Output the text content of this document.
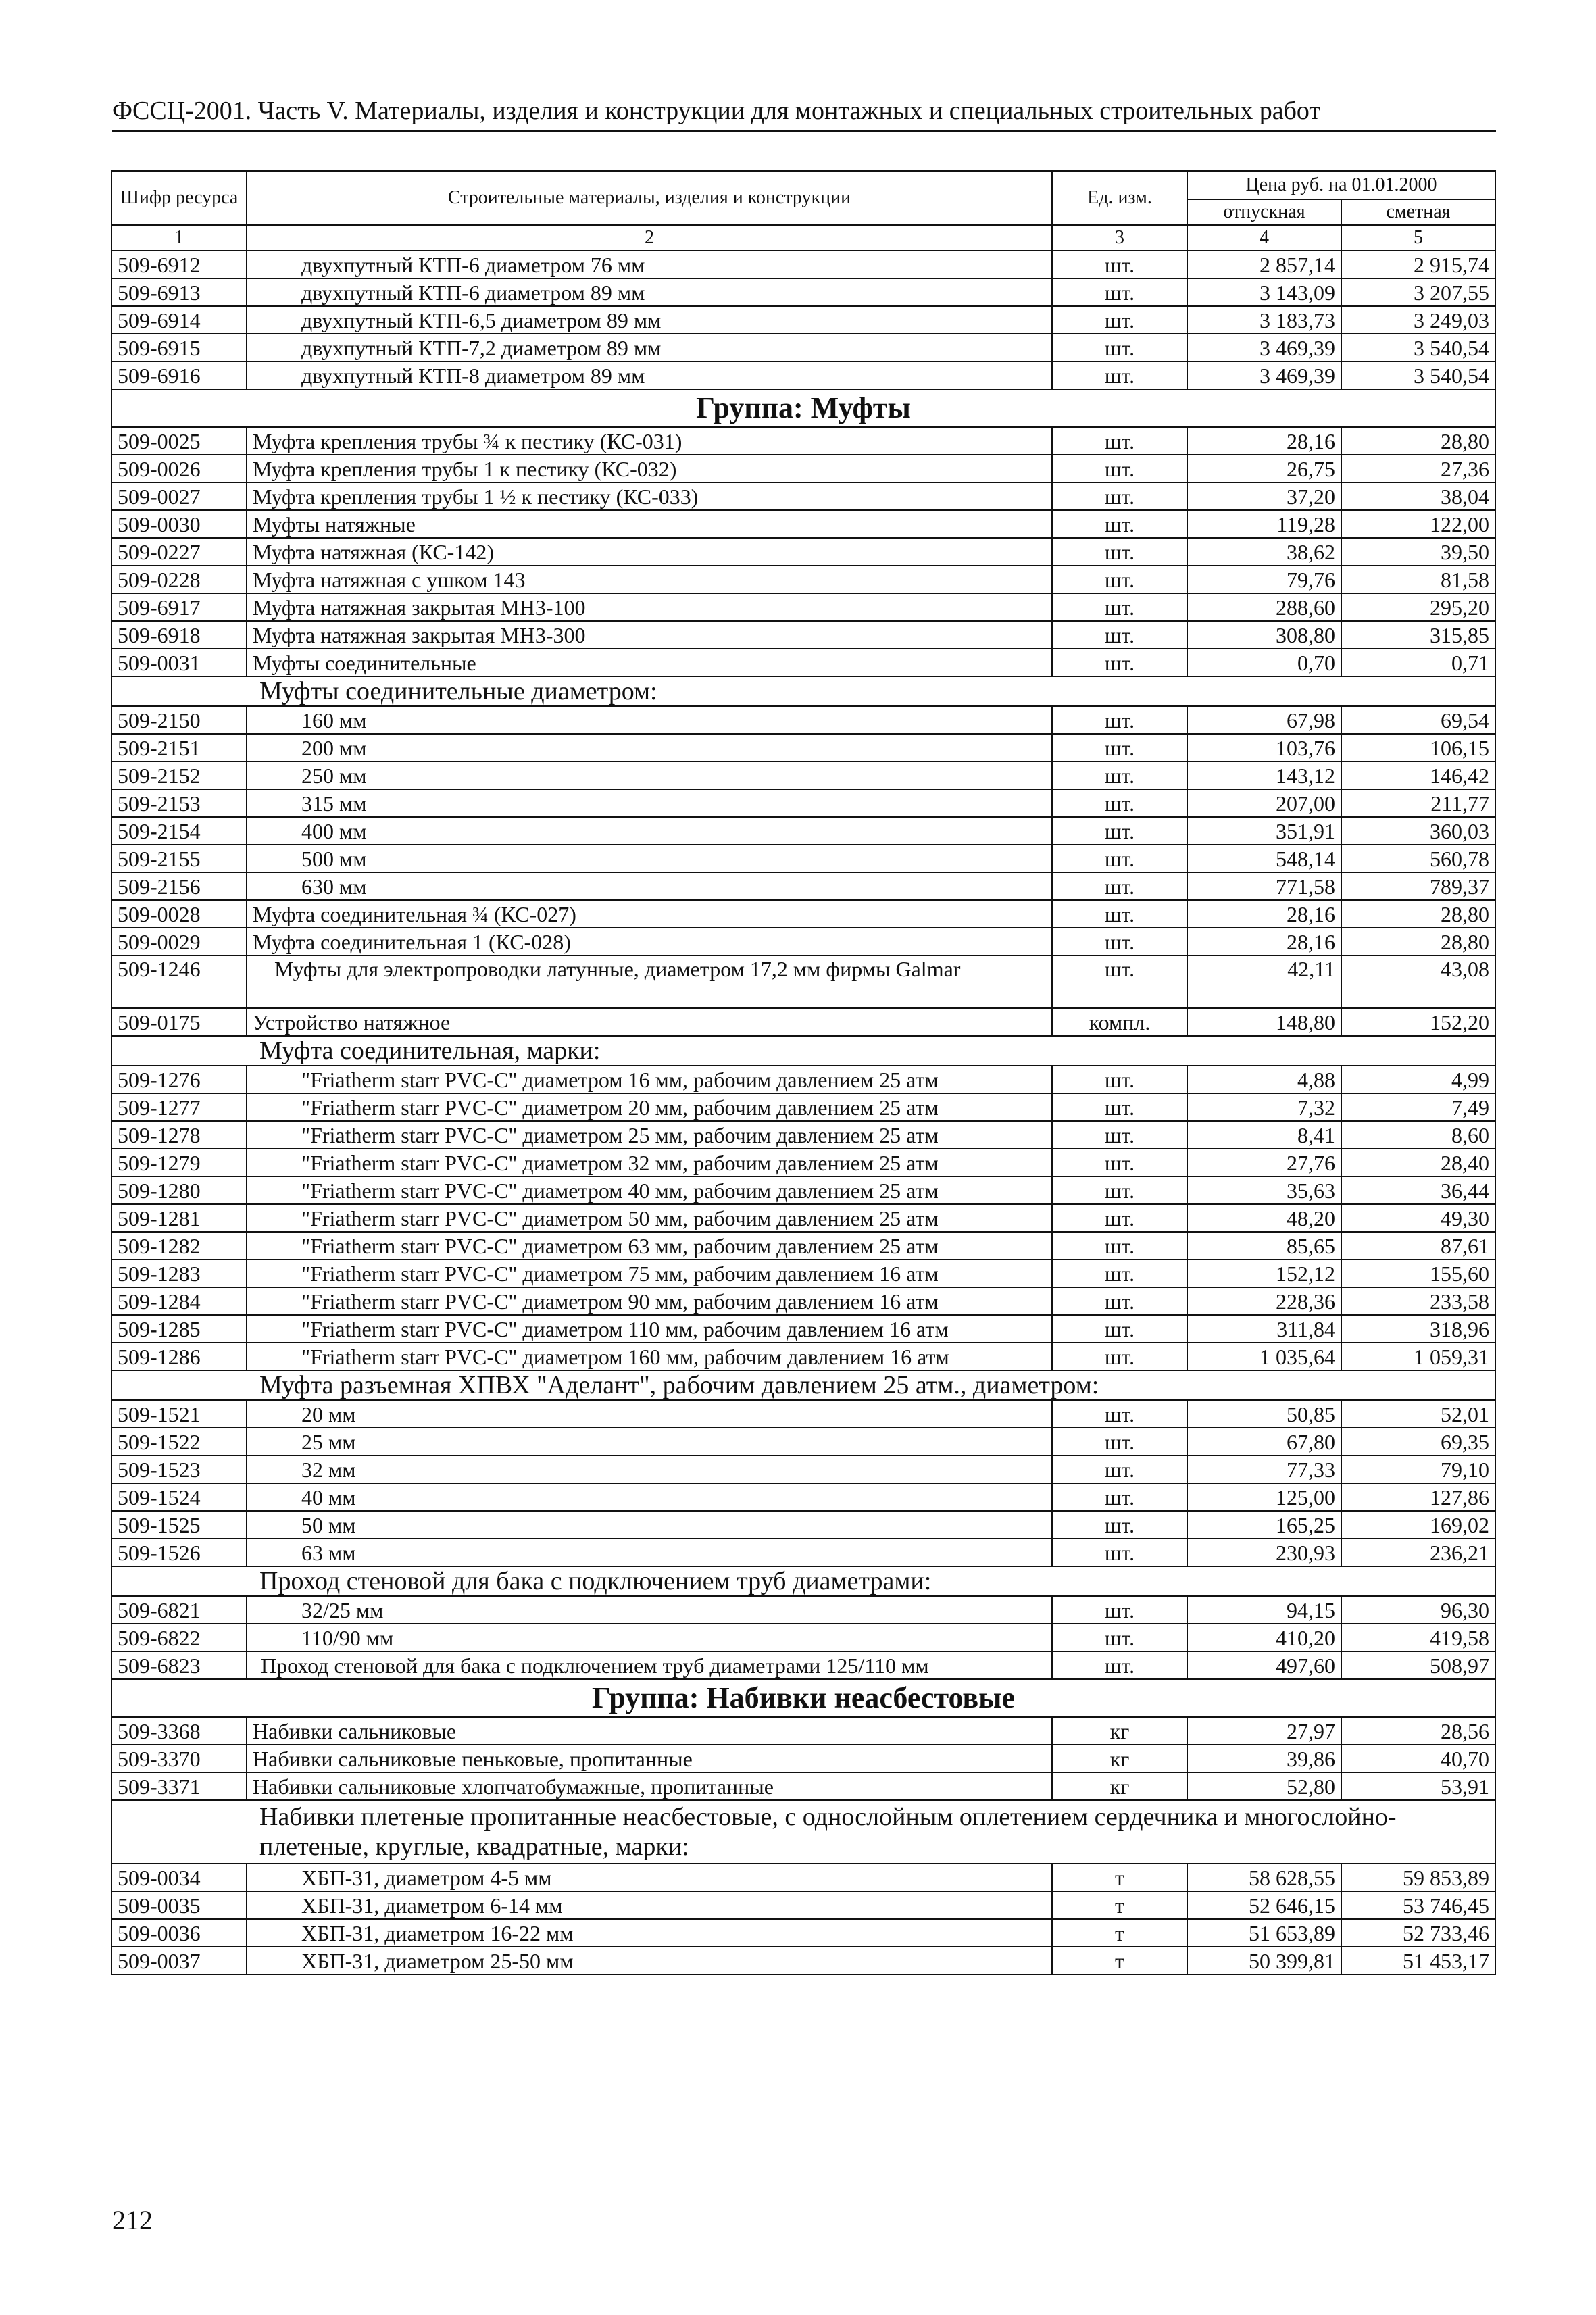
ФССЦ-2001. Часть V. Материалы, изделия и конструкции для монтажных и специальных строительных работ
Шифр ресурса	Строительные материалы, изделия и конструкции	Ед. изм.	Цена руб. на 01.01.2000	
			отпускная	сметная
1	2	3	4	5
509-6912	двухпутный КТП-6 диаметром 76 мм	шт.	2 857,14	2 915,74
509-6913	двухпутный КТП-6 диаметром 89 мм	шт.	3 143,09	3 207,55
509-6914	двухпутный КТП-6,5 диаметром 89 мм	шт.	3 183,73	3 249,03
509-6915	двухпутный КТП-7,2 диаметром 89 мм	шт.	3 469,39	3 540,54
509-6916	двухпутный КТП-8 диаметром 89 мм	шт.	3 469,39	3 540,54
Группа: Муфты				
509-0025	Муфта крепления трубы ¾ к пестику (КС-031)	шт.	28,16	28,80
509-0026	Муфта крепления трубы 1 к пестику (КС-032)	шт.	26,75	27,36
509-0027	Муфта крепления трубы 1 ½ к пестику (КС-033)	шт.	37,20	38,04
509-0030	Муфты натяжные	шт.	119,28	122,00
509-0227	Муфта натяжная (КС-142)	шт.	38,62	39,50
509-0228	Муфта натяжная с ушком 143	шт.	79,76	81,58
509-6917	Муфта натяжная закрытая МНЗ-100	шт.	288,60	295,20
509-6918	Муфта натяжная закрытая МНЗ-300	шт.	308,80	315,85
509-0031	Муфты соединительные	шт.	0,70	0,71
Муфты соединительные диаметром:				
509-2150	160 мм	шт.	67,98	69,54
509-2151	200 мм	шт.	103,76	106,15
509-2152	250 мм	шт.	143,12	146,42
509-2153	315 мм	шт.	207,00	211,77
509-2154	400 мм	шт.	351,91	360,03
509-2155	500 мм	шт.	548,14	560,78
509-2156	630 мм	шт.	771,58	789,37
509-0028	Муфта соединительная ¾ (КС-027)	шт.	28,16	28,80
509-0029	Муфта соединительная 1 (КС-028)	шт.	28,16	28,80
509-1246	Муфты для электропроводки латунные, диаметром 17,2 мм фирмы Galmar	шт.	42,11	43,08
509-0175	Устройство натяжное	компл.	148,80	152,20
Муфта соединительная, марки:				
509-1276	"Friatherm starr PVC-C" диаметром 16 мм, рабочим давлением 25 атм	шт.	4,88	4,99
509-1277	"Friatherm starr PVC-C" диаметром 20 мм, рабочим давлением 25 атм	шт.	7,32	7,49
509-1278	"Friatherm starr PVC-C" диаметром 25 мм, рабочим давлением 25 атм	шт.	8,41	8,60
509-1279	"Friatherm starr PVC-C" диаметром 32 мм, рабочим давлением 25 атм	шт.	27,76	28,40
509-1280	"Friatherm starr PVC-C" диаметром 40 мм, рабочим давлением 25 атм	шт.	35,63	36,44
509-1281	"Friatherm starr PVC-C" диаметром 50 мм, рабочим давлением 25 атм	шт.	48,20	49,30
509-1282	"Friatherm starr PVC-C" диаметром 63 мм, рабочим давлением 25 атм	шт.	85,65	87,61
509-1283	"Friatherm starr PVC-C" диаметром 75 мм, рабочим давлением 16 атм	шт.	152,12	155,60
509-1284	"Friatherm starr PVC-C" диаметром 90 мм, рабочим давлением 16 атм	шт.	228,36	233,58
509-1285	"Friatherm starr PVC-C" диаметром 110 мм, рабочим давлением 16 атм	шт.	311,84	318,96
509-1286	"Friatherm starr PVC-C" диаметром 160 мм, рабочим давлением 16 атм	шт.	1 035,64	1 059,31
Муфта разъемная ХПВХ "Аделант", рабочим давлением 25 атм., диаметром:				
509-1521	20 мм	шт.	50,85	52,01
509-1522	25 мм	шт.	67,80	69,35
509-1523	32 мм	шт.	77,33	79,10
509-1524	40 мм	шт.	125,00	127,86
509-1525	50 мм	шт.	165,25	169,02
509-1526	63 мм	шт.	230,93	236,21
Проход стеновой для бака с подключением труб диаметрами:				
509-6821	32/25 мм	шт.	94,15	96,30
509-6822	110/90 мм	шт.	410,20	419,58
509-6823	Проход стеновой для бака с подключением труб диаметрами 125/110 мм	шт.	497,60	508,97
Группа: Набивки неасбестовые				
509-3368	Набивки сальниковые	кг	27,97	28,56
509-3370	Набивки сальниковые пеньковые, пропитанные	кг	39,86	40,70
509-3371	Набивки сальниковые хлопчатобумажные, пропитанные	кг	52,80	53,91
Набивки плетеные пропитанные неасбестовые, с однослойным оплетением сердечника и многослойно-плетеные, круглые, квадратные, марки:				
509-0034	ХБП-31, диаметром 4-5 мм	т	58 628,55	59 853,89
509-0035	ХБП-31, диаметром 6-14 мм	т	52 646,15	53 746,45
509-0036	ХБП-31, диаметром 16-22 мм	т	51 653,89	52 733,46
509-0037	ХБП-31, диаметром 25-50 мм	т	50 399,81	51 453,17
212
